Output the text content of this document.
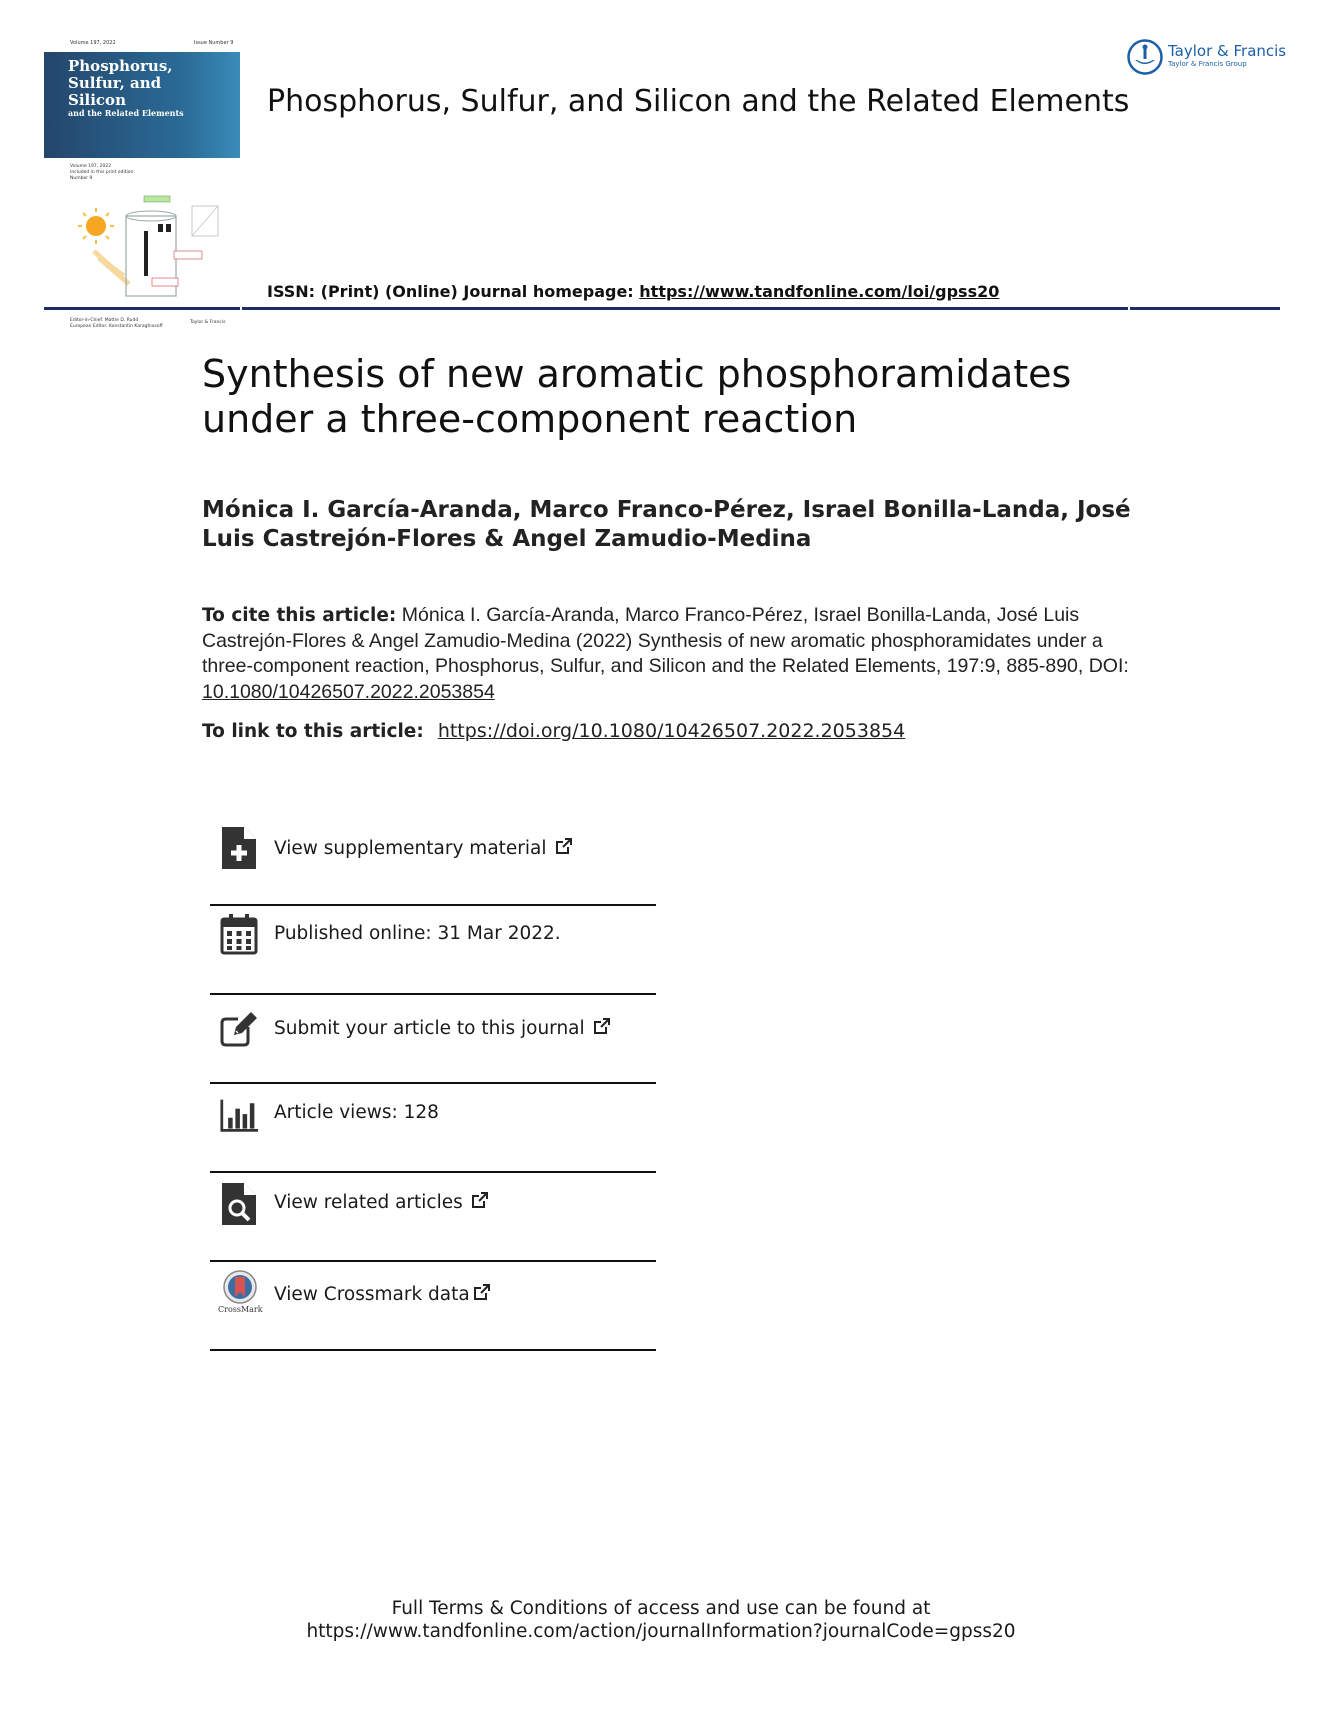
Volume 197, 2022	Issue Number 9
Phosphorus,
Sulfur, and
Silicon
and the Related Elements
Volume 197, 2022
Included in this print edition:
Number 9
Editor-in-Chief: Mattie D. Rudd
European Editor: Konstantin Karaghiosoff
Taylor & Francis
Phosphorus, Sulfur, and Silicon and the Related Elements
Taylor & Francis
Taylor & Francis Group
ISSN: (Print) (Online) Journal homepage: https://www.tandfonline.com/loi/gpss20
Synthesis of new aromatic phosphoramidates under a three-component reaction
Mónica I. García-Aranda, Marco Franco-Pérez, Israel Bonilla-Landa, José Luis Castrejón-Flores & Angel Zamudio-Medina
To cite this article: Mónica I. García-Aranda, Marco Franco-Pérez, Israel Bonilla-Landa, José Luis Castrejón-Flores & Angel Zamudio-Medina (2022) Synthesis of new aromatic phosphoramidates under a three-component reaction, Phosphorus, Sulfur, and Silicon and the Related Elements, 197:9, 885-890, DOI: 10.1080/10426507.2022.2053854
To link to this article: https://doi.org/10.1080/10426507.2022.2053854
View supplementary material
Published online: 31 Mar 2022.
Submit your article to this journal
Article views: 128
View related articles
CrossMark
View Crossmark data
Full Terms & Conditions of access and use can be found at
https://www.tandfonline.com/action/journalInformation?journalCode=gpss20
